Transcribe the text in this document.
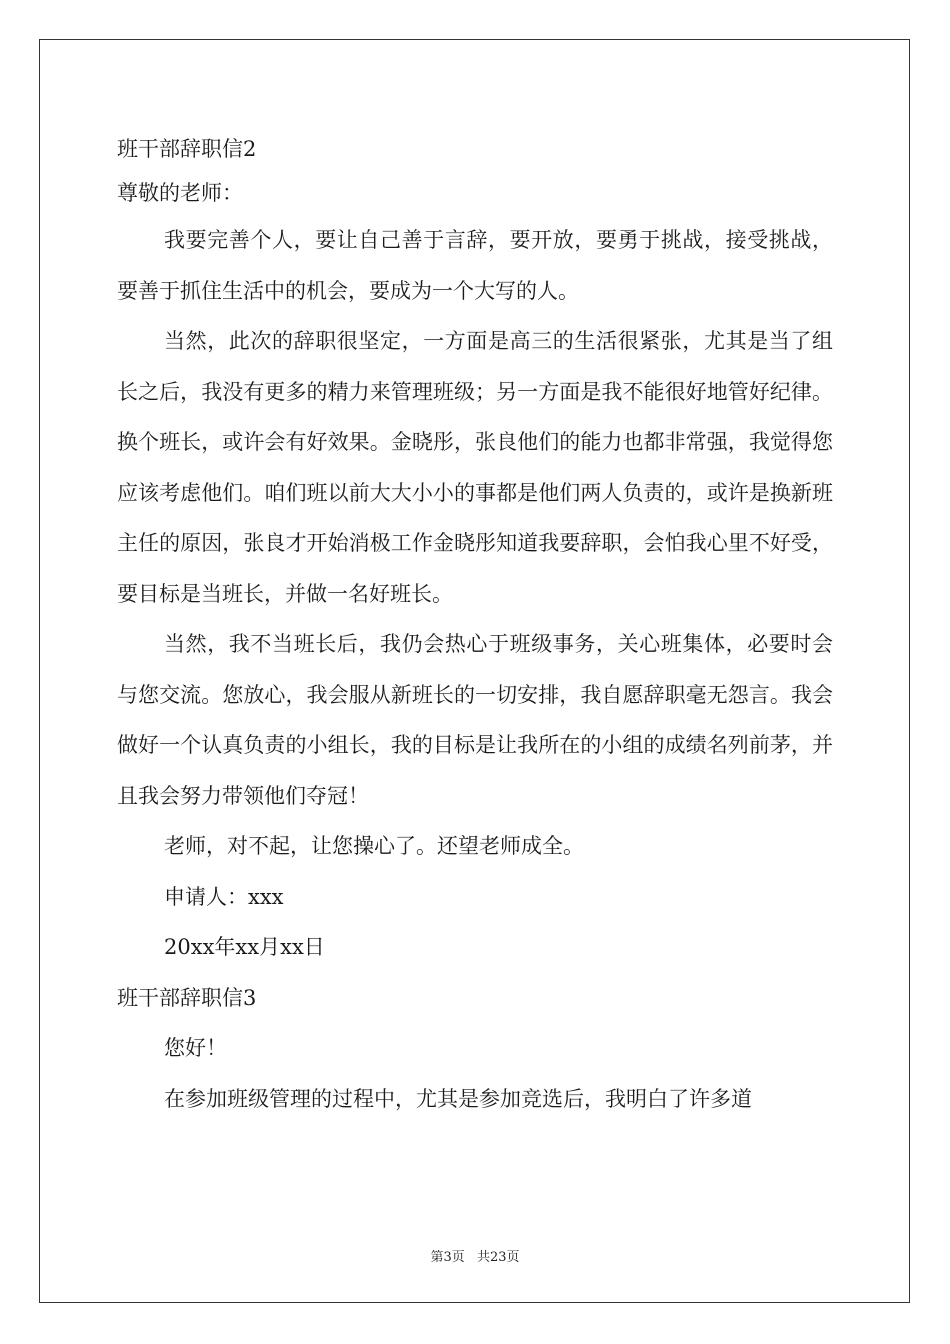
班干部辞职信2

尊敬的老师：

我要完善个人，要让自己善于言辞，要开放，要勇于挑战，接受挑战，要善于抓住生活中的机会，要成为一个大写的人。

当然，此次的辞职很坚定，一方面是高三的生活很紧张，尤其是当了组长之后，我没有更多的精力来管理班级；另一方面是我不能很好地管好纪律。换个班长，或许会有好效果。金晓彤，张良他们的能力也都非常强，我觉得您应该考虑他们。咱们班以前大大小小的事都是他们两人负责的，或许是换新班主任的原因，张良才开始消极工作金晓彤知道我要辞职，会怕我心里不好受，要目标是当班长，并做一名好班长。

当然，我不当班长后，我仍会热心于班级事务，关心班集体，必要时会与您交流。您放心，我会服从新班长的一切安排，我自愿辞职毫无怨言。我会做好一个认真负责的小组长，我的目标是让我所在的小组的成绩名列前茅，并且我会努力带领他们夺冠！

老师，对不起，让您操心了。还望老师成全。

申请人：xxx

20xx年xx月xx日

班干部辞职信3

您好！

在参加班级管理的过程中，尤其是参加竞选后，我明白了许多道

第3页 共23页
